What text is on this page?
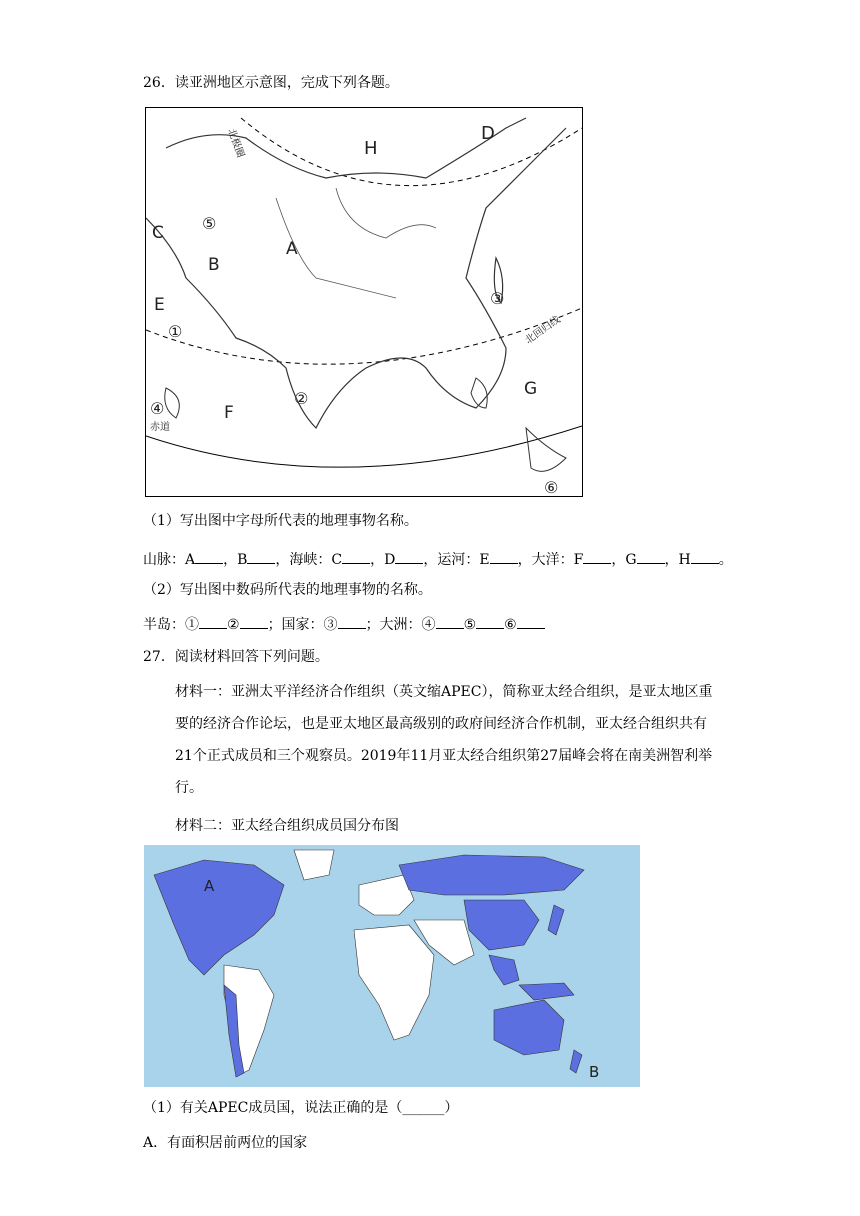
26．读亚洲地区示意图，完成下列各题。
H
D
A
B
C
E
F
G
⑤
①
②
③
④
⑥
北极圈
北回归线
赤道
（1）写出图中字母所代表的地理事物名称。
山脉：A ，B ，海峡：C ，D ，运河：E ，大洋：F ，G ，H 。
（2）写出图中数码所代表的地理事物的名称。
半岛：① ② ；国家：③ ；大洲：④ ⑤ ⑥
27．阅读材料回答下列问题。
材料一：亚洲太平洋经济合作组织（英文缩APEC），简称亚太经合组织，是亚太地区重要的经济合作论坛，也是亚太地区最高级别的政府间经济合作机制，亚太经合组织共有21个正式成员和三个观察员。2019年11月亚太经合组织第27届峰会将在南美洲智利举行。
材料二：亚太经合组织成员国分布图
A
B
（1）有关APEC成员国，说法正确的是（______）
A．有面积居前两位的国家
